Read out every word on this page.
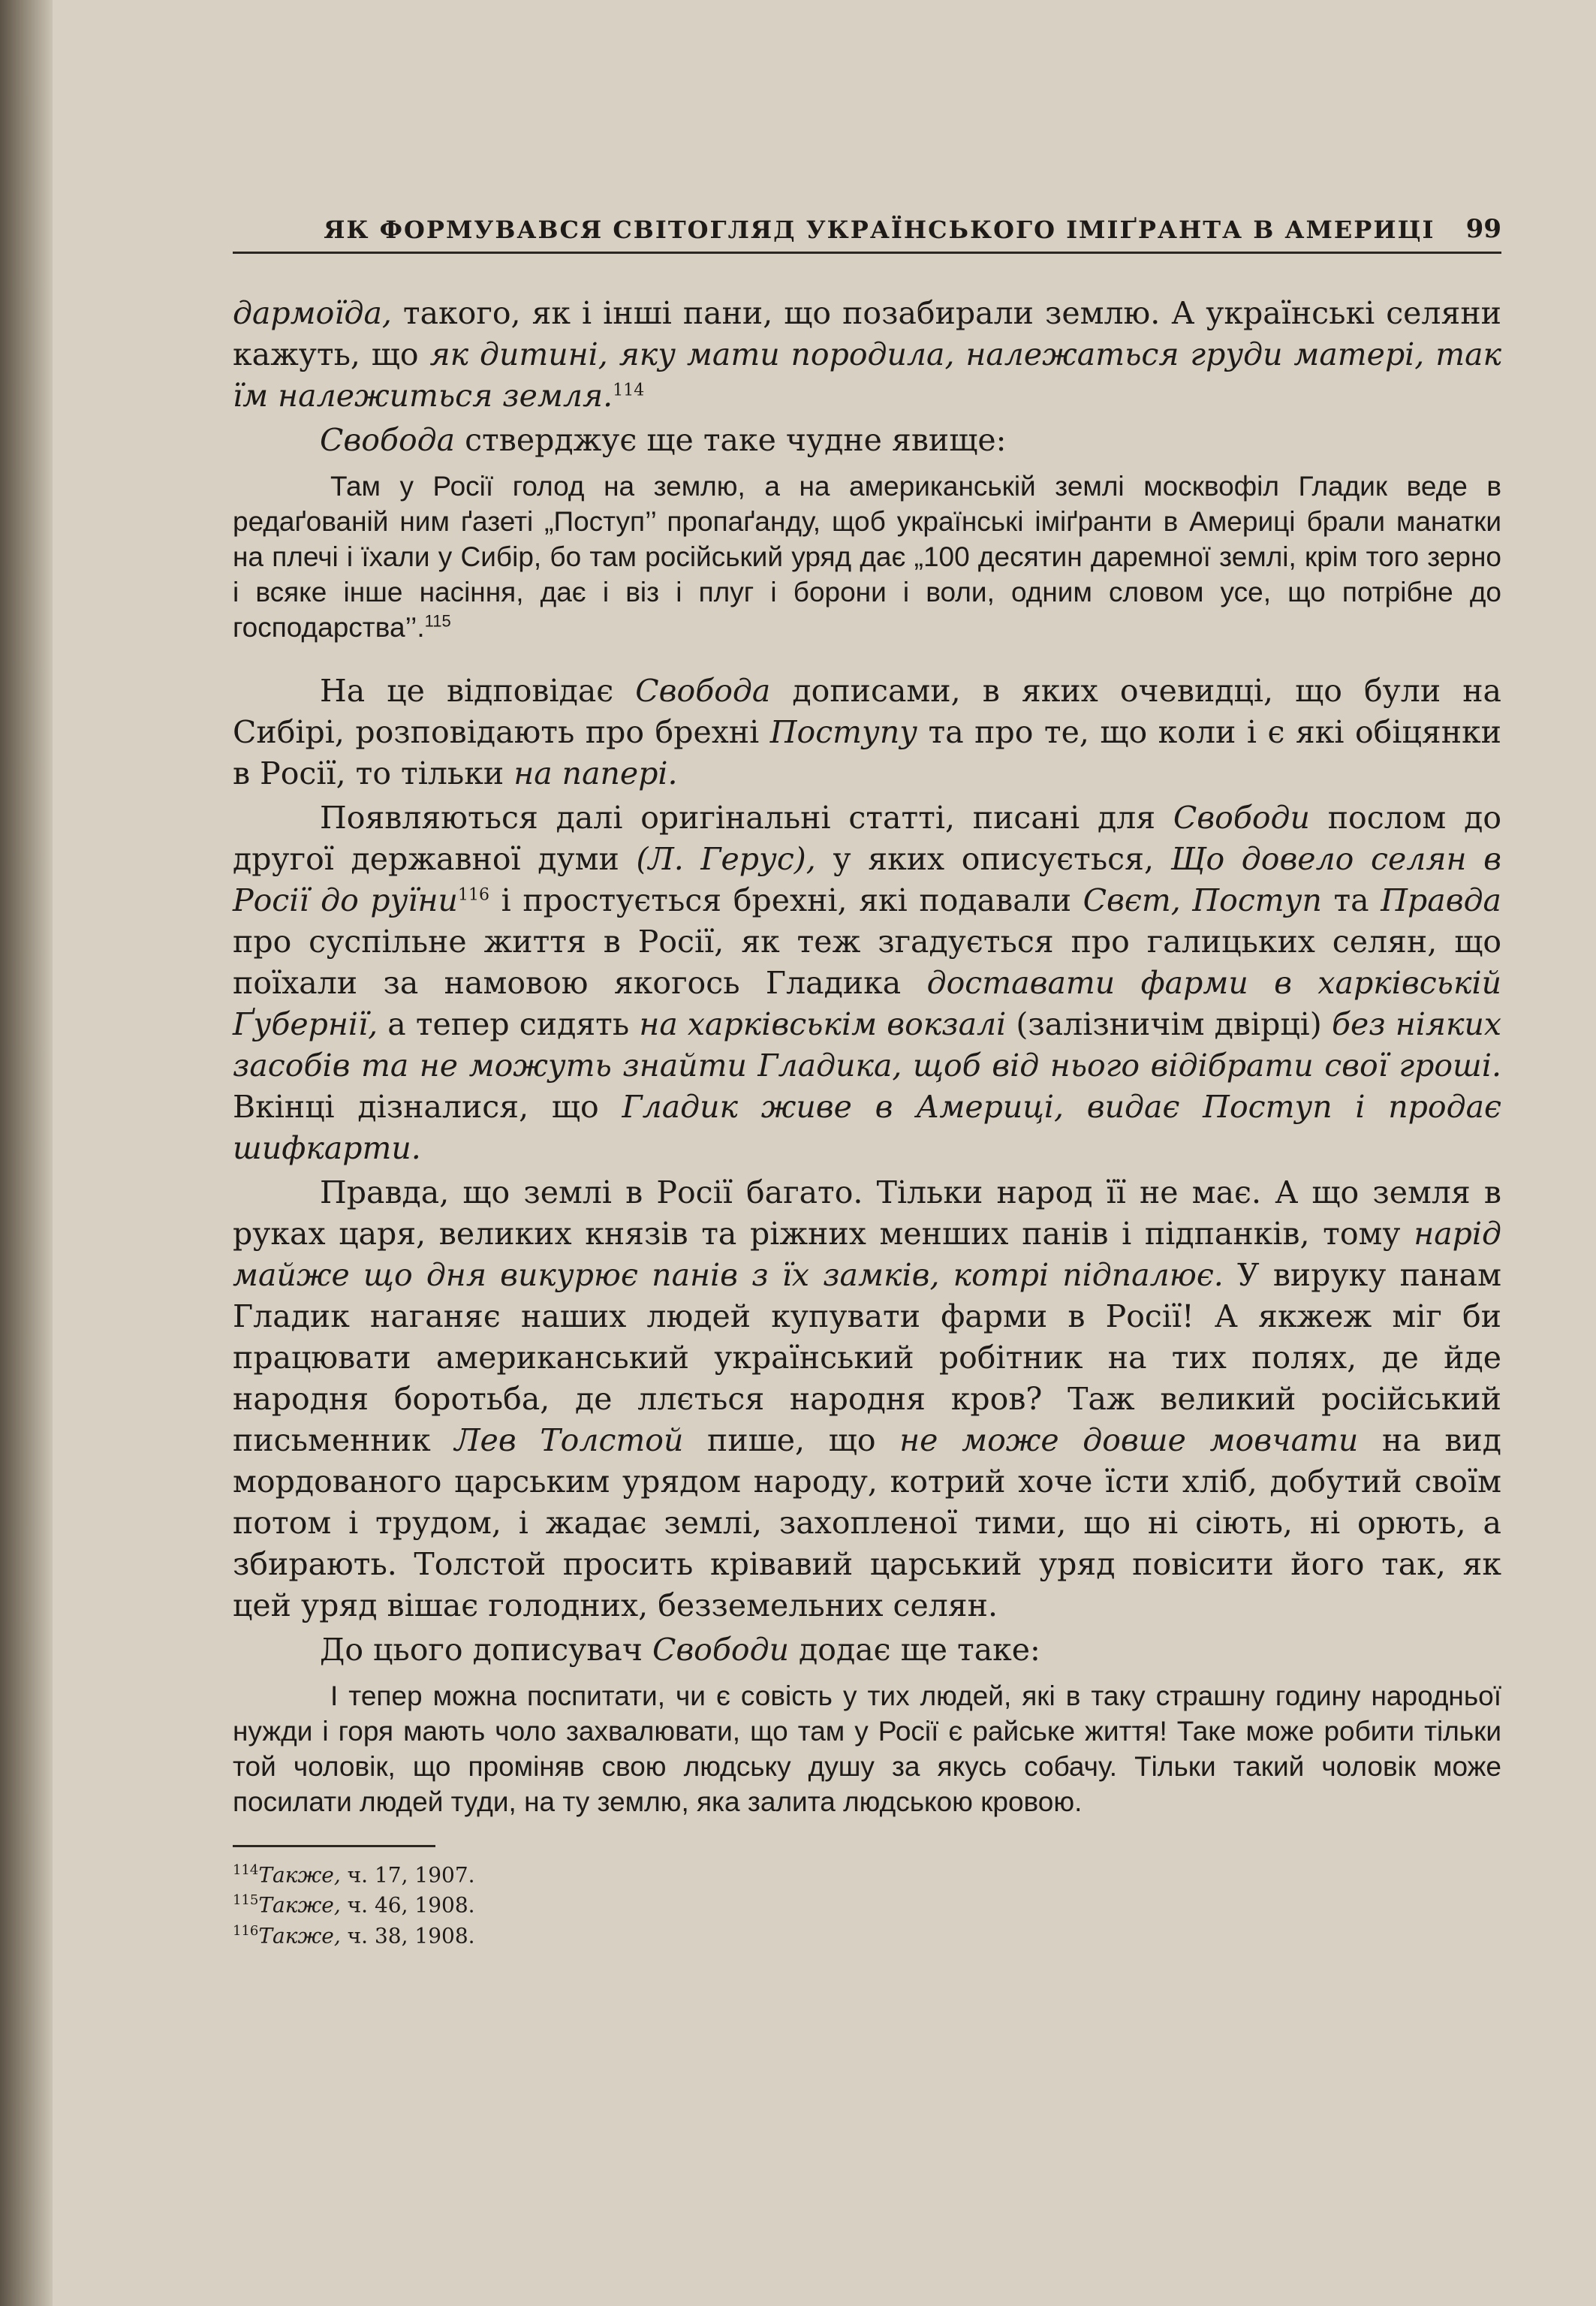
ЯК ФОРМУВАВСЯ СВІТОГЛЯД УКРАЇНСЬКОГО ІМІҐРАНТА В АМЕРИЦІ	99

дармоїда, такого, як і інші пани, що позабирали землю. А українські селяни кажуть, що як дитині, яку мати породила, належаться груди матері, так їм належиться земля.$^{114}$

Свобода стверджує ще таке чудне явище:

Там у Росії голод на землю, а на американській землі москвофіл Гладик веде в редаґованій ним ґазеті „Поступ’’ пропаґанду, щоб українські іміґранти в Америці брали манатки на плечі і їхали у Сибір, бо там російський уряд дає „100 десятин даремної землі, крім того зерно і всяке інше насіння, дає і віз і плуг і борони і воли, одним словом усе, що потрібне до господарства’’.$^{115}$

На це відповідає Свобода дописами, в яких очевидці, що були на Сибірі, розповідають про брехні Поступу та про те, що коли і є які обіцянки в Росії, то тільки на папері.

Появляються далі оригінальні статті, писані для Свободи послом до другої державної думи (Л. Герус), у яких описується, Що довело селян в Росії до руїни$^{116}$ і простується брехні, які подавали Свєт, Поступ та Правда про суспільне життя в Росії, як теж згадується про галицьких селян, що поїхали за намовою якогось Гладика доставати фарми в харківській Ґубернії, а тепер сидять на харківськім вокзалі (залізничім двірці) без ніяких засобів та не можуть знайти Гладика, щоб від нього відібрати свої гроші. Вкінці дізналися, що Гладик живе в Америці, видає Поступ і продає шифкарти.

Правда, що землі в Росії багато. Тільки народ її не має. А що земля в руках царя, великих князів та ріжних менших панів і підпанків, тому нарід майже що дня викурює панів з їх замків, котрі підпалює. У вируку панам Гладик наганяє наших людей купувати фарми в Росії! А якжеж міг би працювати американський український робітник на тих полях, де йде народня боротьба, де ллється народня кров? Таж великий російський письменник Лев Толстой пише, що не може довше мовчати на вид мордованого царським урядом народу, котрий хоче їсти хліб, добутий своїм потом і трудом, і жадає землі, захопленої тими, що ні сіють, ні орють, а збирають. Толстой просить крівавий царський уряд повісити його так, як цей уряд вішає голодних, безземельних селян.

До цього дописувач Свободи додає ще таке:

І тепер можна поспитати, чи є совість у тих людей, які в таку страшну годину народньої нужди і горя мають чоло захвалювати, що там у Росії є райське життя! Таке може робити тільки той чоловік, що проміняв свою людську душу за якусь собачу. Тільки такий чоловік може посилати людей туди, на ту землю, яка залита людською кровою.

$^{114}$Также, ч. 17, 1907.
$^{115}$Также, ч. 46, 1908.
$^{116}$Также, ч. 38, 1908.
